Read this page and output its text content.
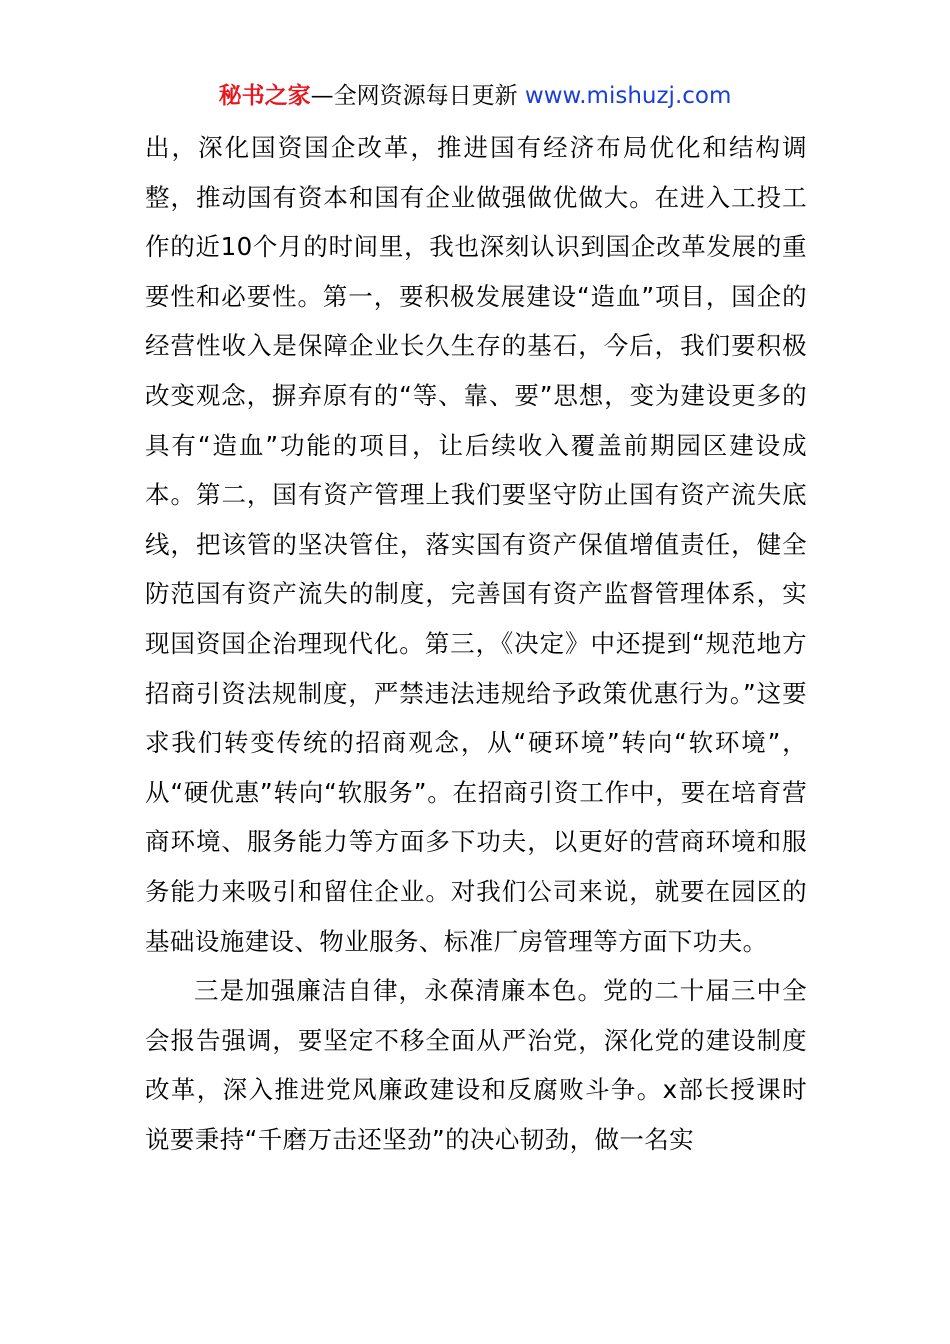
秘书之家—全网资源每日更新 www.mishuzj.com

出，深化国资国企改革，推进国有经济布局优化和结构调整，推动国有资本和国有企业做强做优做大。在进入工投工作的近10个月的时间里，我也深刻认识到国企改革发展的重要性和必要性。第一，要积极发展建设“造血”项目，国企的经营性收入是保障企业长久生存的基石，今后，我们要积极改变观念，摒弃原有的“等、靠、要”思想，变为建设更多的具有“造血”功能的项目，让后续收入覆盖前期园区建设成本。第二，国有资产管理上我们要坚守防止国有资产流失底线，把该管的坚决管住，落实国有资产保值增值责任，健全防范国有资产流失的制度，完善国有资产监督管理体系，实现国资国企治理现代化。第三，《决定》中还提到“规范地方招商引资法规制度，严禁违法违规给予政策优惠行为。”这要求我们转变传统的招商观念，从“硬环境”转向“软环境”，从“硬优惠”转向“软服务”。在招商引资工作中，要在培育营商环境、服务能力等方面多下功夫，以更好的营商环境和服务能力来吸引和留住企业。对我们公司来说，就要在园区的基础设施建设、物业服务、标准厂房管理等方面下功夫。

三是加强廉洁自律，永葆清廉本色。党的二十届三中全会报告强调，要坚定不移全面从严治党，深化党的建设制度改革，深入推进党风廉政建设和反腐败斗争。x部长授课时说要秉持“千磨万击还坚劲”的决心韧劲，做一名实
